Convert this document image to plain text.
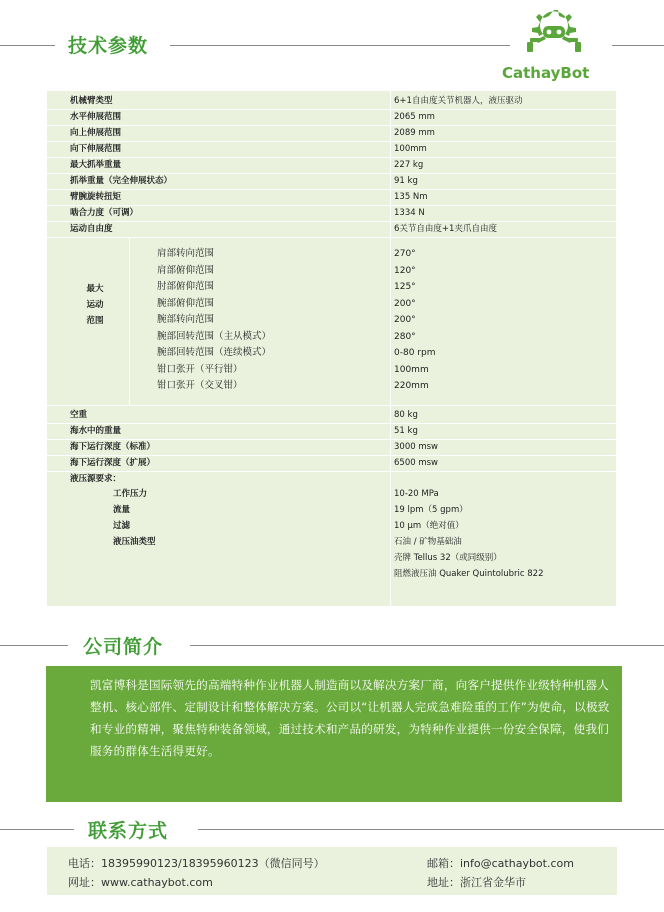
技术参数
CathayBot
机械臂类型	6+1自由度关节机器人，液压驱动
水平伸展范围	2065 mm
向上伸展范围	2089 mm
向下伸展范围	100mm
最大抓举重量	227 kg
抓举重量（完全伸展状态）	91 kg
臂腕旋转扭矩	135 Nm
啮合力度（可调）	1334 N
运动自由度	6关节自由度+1夹爪自由度
最大
运动
范围
肩部转向范围	270°
肩部俯仰范围	120°
肘部俯仰范围	125°
腕部俯仰范围	200°
腕部转向范围	200°
腕部回转范围（主从模式）	280°
腕部回转范围（连续模式）	0-80 rpm
钳口张开（平行钳）	100mm
钳口张开（交叉钳）	220mm
空重	80 kg
海水中的重量	51 kg
海下运行深度（标准）	3000 msw
海下运行深度（扩展）	6500 msw
液压源要求：
工作压力	10-20 MPa
流量	19 lpm（5 gpm）
过滤	10 μm（绝对值）
液压油类型	石油 / 矿物基础油
壳牌 Tellus 32（或同级别）
阻燃液压油 Quaker Quintolubric 822
公司简介
凯富博科是国际领先的高端特种作业机器人制造商以及解决方案厂商，向客户提供作业级特种机器人整机、核心部件、定制设计和整体解决方案。公司以“让机器人完成急难险重的工作”为使命，以极致和专业的精神，聚焦特种装备领域，通过技术和产品的研发，为特种作业提供一份安全保障，使我们服务的群体生活得更好。
联系方式
电话：18395990123/18395960123（微信同号）	邮箱：info@cathaybot.com
网址：www.cathaybot.com	地址：浙江省金华市
